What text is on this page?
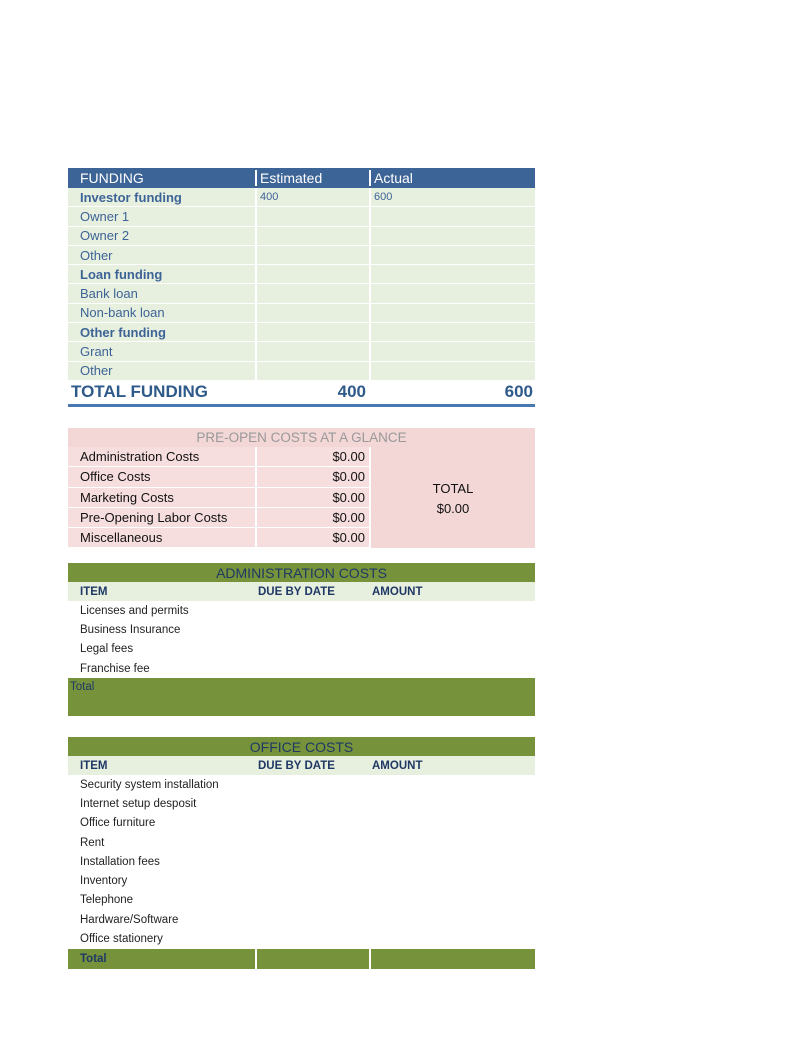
FUNDING	Estimated	Actual
Investor funding	400	600
Owner 1
Owner 2
Other
Loan funding
Bank loan
Non-bank loan
Other funding
Grant
Other
TOTAL FUNDING	400	600
PRE-OPEN COSTS AT A GLANCE
Administration Costs	$0.00
Office Costs	$0.00
Marketing Costs	$0.00
Pre-Opening Labor Costs	$0.00
Miscellaneous	$0.00
TOTAL
$0.00
ADMINISTRATION COSTS
ITEM	DUE BY DATE	AMOUNT
Licenses and permits
Business Insurance
Legal fees
Franchise fee
Total
OFFICE COSTS
ITEM	DUE BY DATE	AMOUNT
Security system installation
Internet setup desposit
Office furniture
Rent
Installation fees
Inventory
Telephone
Hardware/Software
Office stationery
Total
